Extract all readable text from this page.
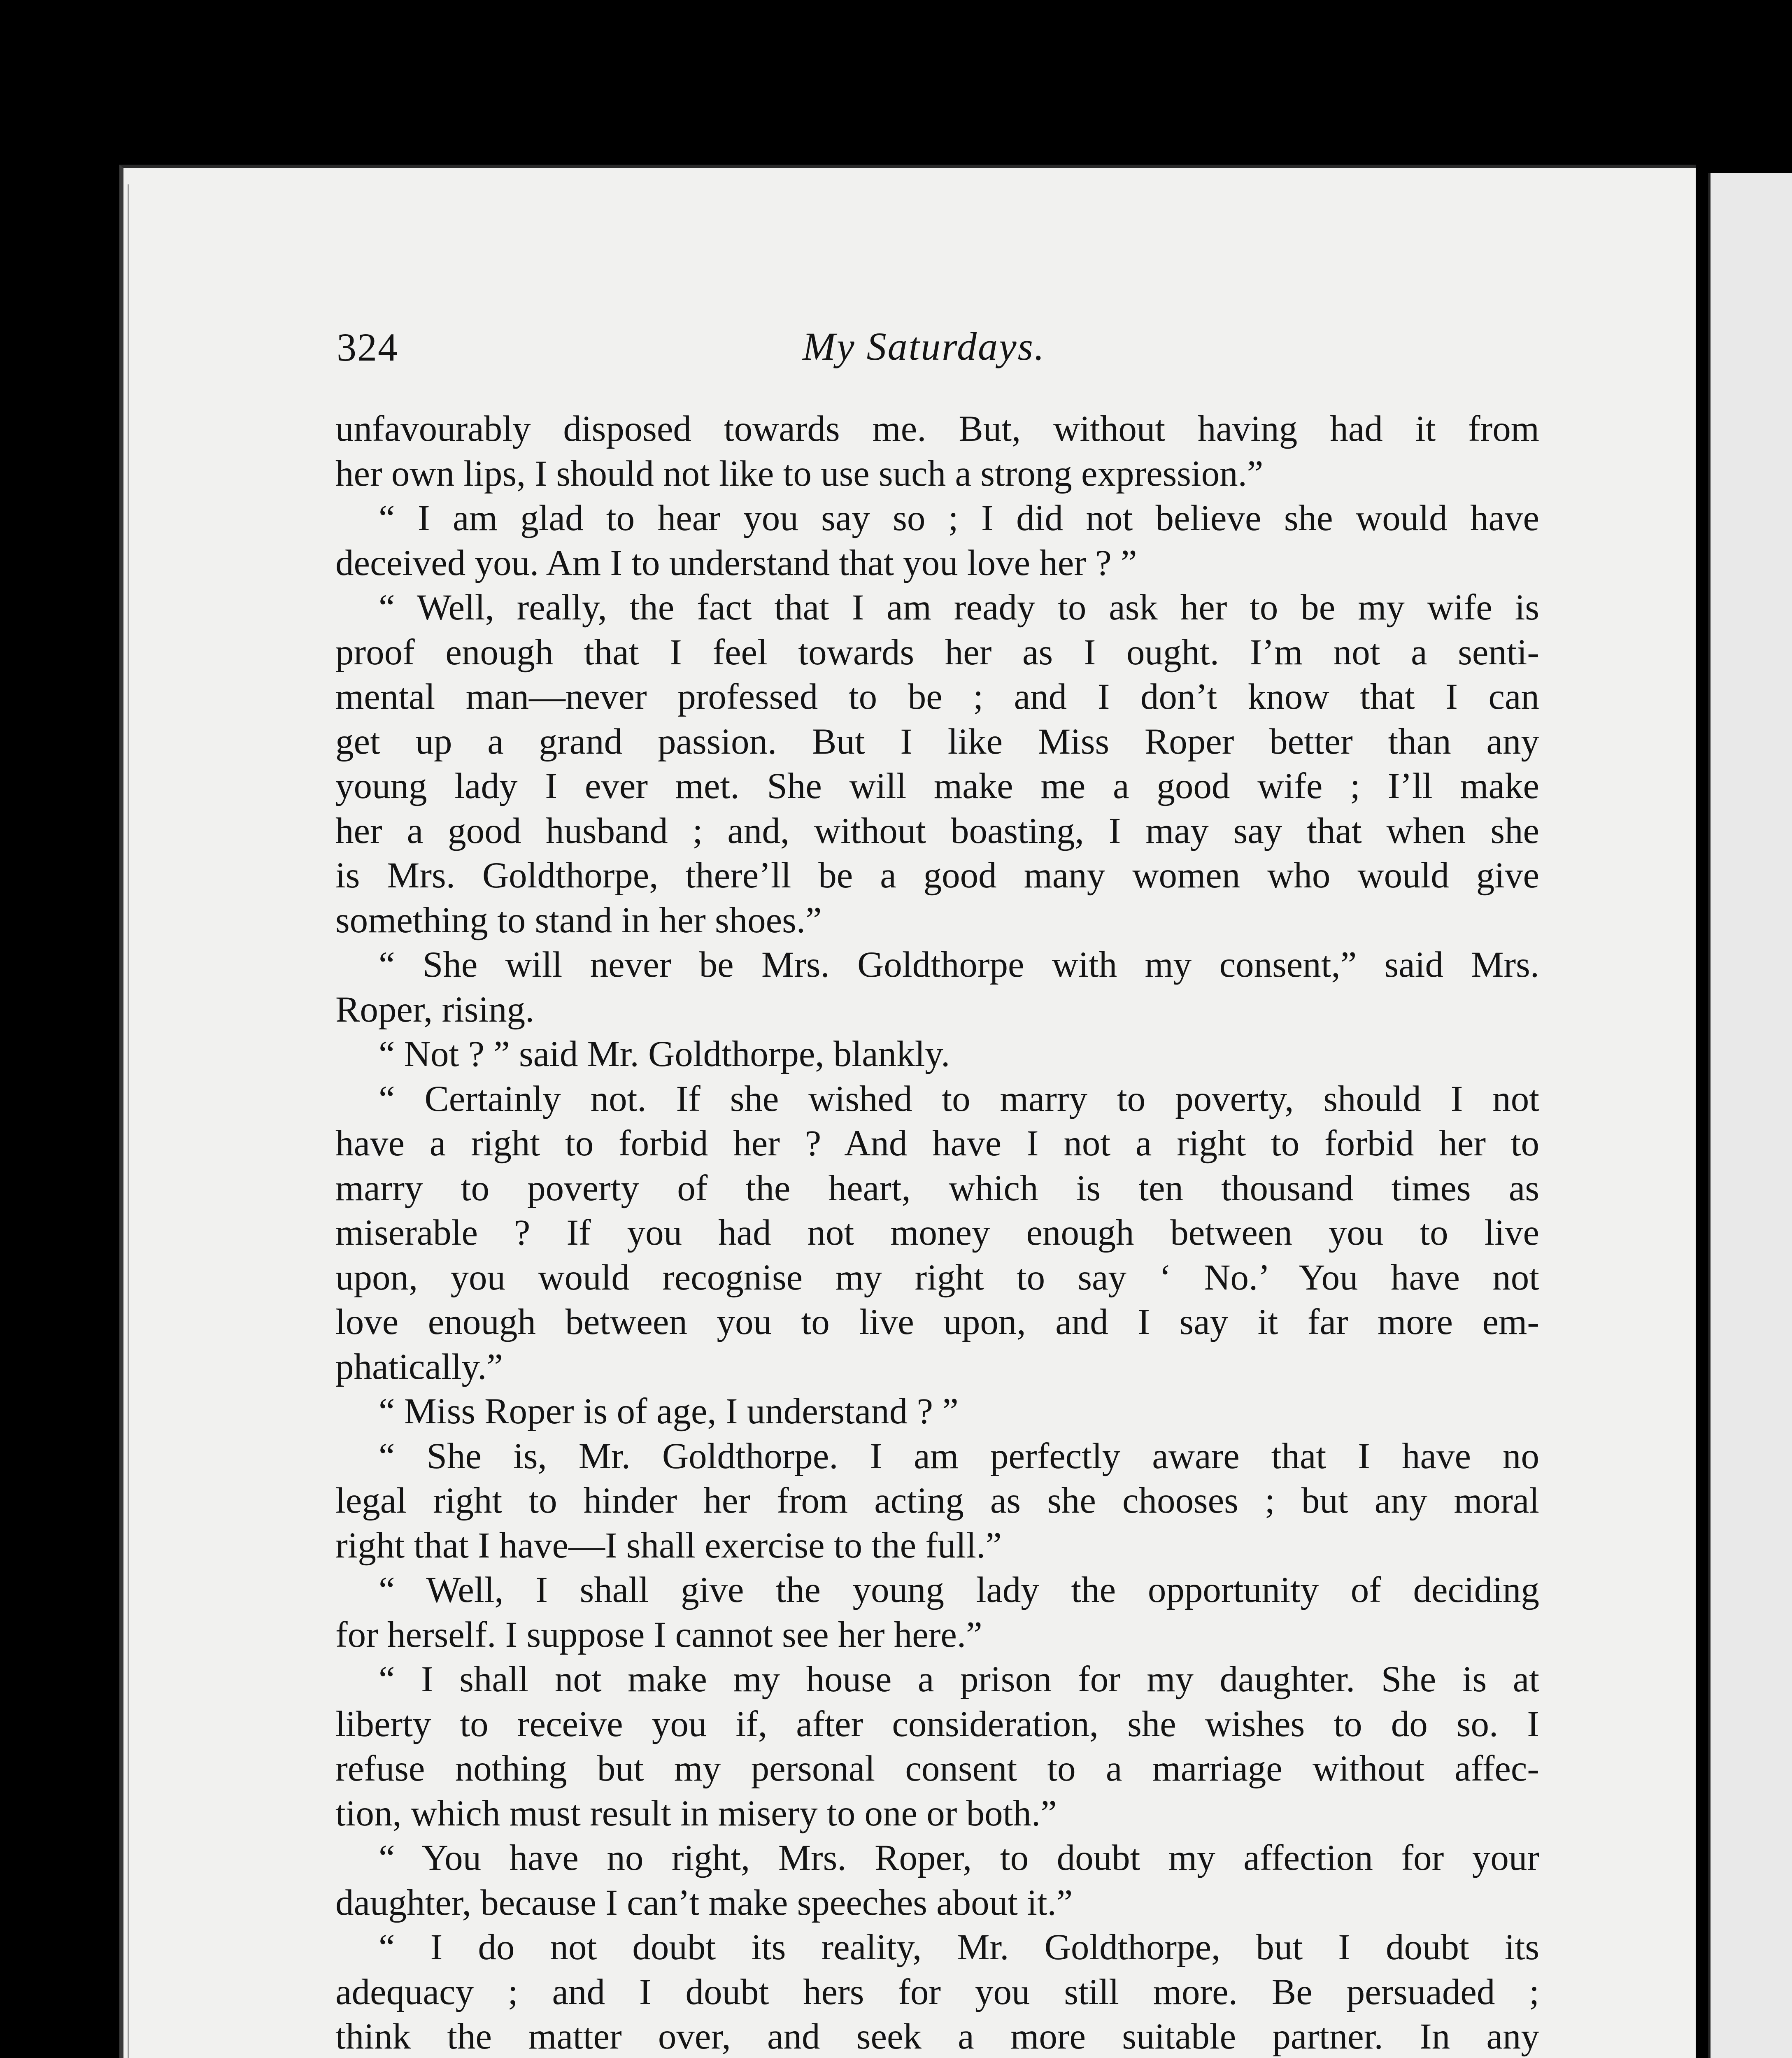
324	My Saturdays.
unfavourably disposed towards me. But, without having had it from
her own lips, I should not like to use such a strong expression.”
“ I am glad to hear you say so ; I did not believe she would have
deceived you. Am I to understand that you love her ? ”
“ Well, really, the fact that I am ready to ask her to be my wife is
proof enough that I feel towards her as I ought. I’m not a senti-
mental man—never professed to be ; and I don’t know that I can
get up a grand passion. But I like Miss Roper better than any
young lady I ever met. She will make me a good wife ; I’ll make
her a good husband ; and, without boasting, I may say that when she
is Mrs. Goldthorpe, there’ll be a good many women who would give
something to stand in her shoes.”
“ She will never be Mrs. Goldthorpe with my consent,” said Mrs.
Roper, rising.
“ Not ? ” said Mr. Goldthorpe, blankly.
“ Certainly not. If she wished to marry to poverty, should I not
have a right to forbid her ? And have I not a right to forbid her to
marry to poverty of the heart, which is ten thousand times as
miserable ? If you had not money enough between you to live
upon, you would recognise my right to say ‘ No.’ You have not
love enough between you to live upon, and I say it far more em-
phatically.”
“ Miss Roper is of age, I understand ? ”
“ She is, Mr. Goldthorpe. I am perfectly aware that I have no
legal right to hinder her from acting as she chooses ; but any moral
right that I have—I shall exercise to the full.”
“ Well, I shall give the young lady the opportunity of deciding
for herself. I suppose I cannot see her here.”
“ I shall not make my house a prison for my daughter. She is at
liberty to receive you if, after consideration, she wishes to do so. I
refuse nothing but my personal consent to a marriage without affec-
tion, which must result in misery to one or both.”
“ You have no right, Mrs. Roper, to doubt my affection for your
daughter, because I can’t make speeches about it.”
“ I do not doubt its reality, Mr. Goldthorpe, but I doubt its
adequacy ; and I doubt hers for you still more. Be persuaded ;
think the matter over, and seek a more suitable partner. In any
